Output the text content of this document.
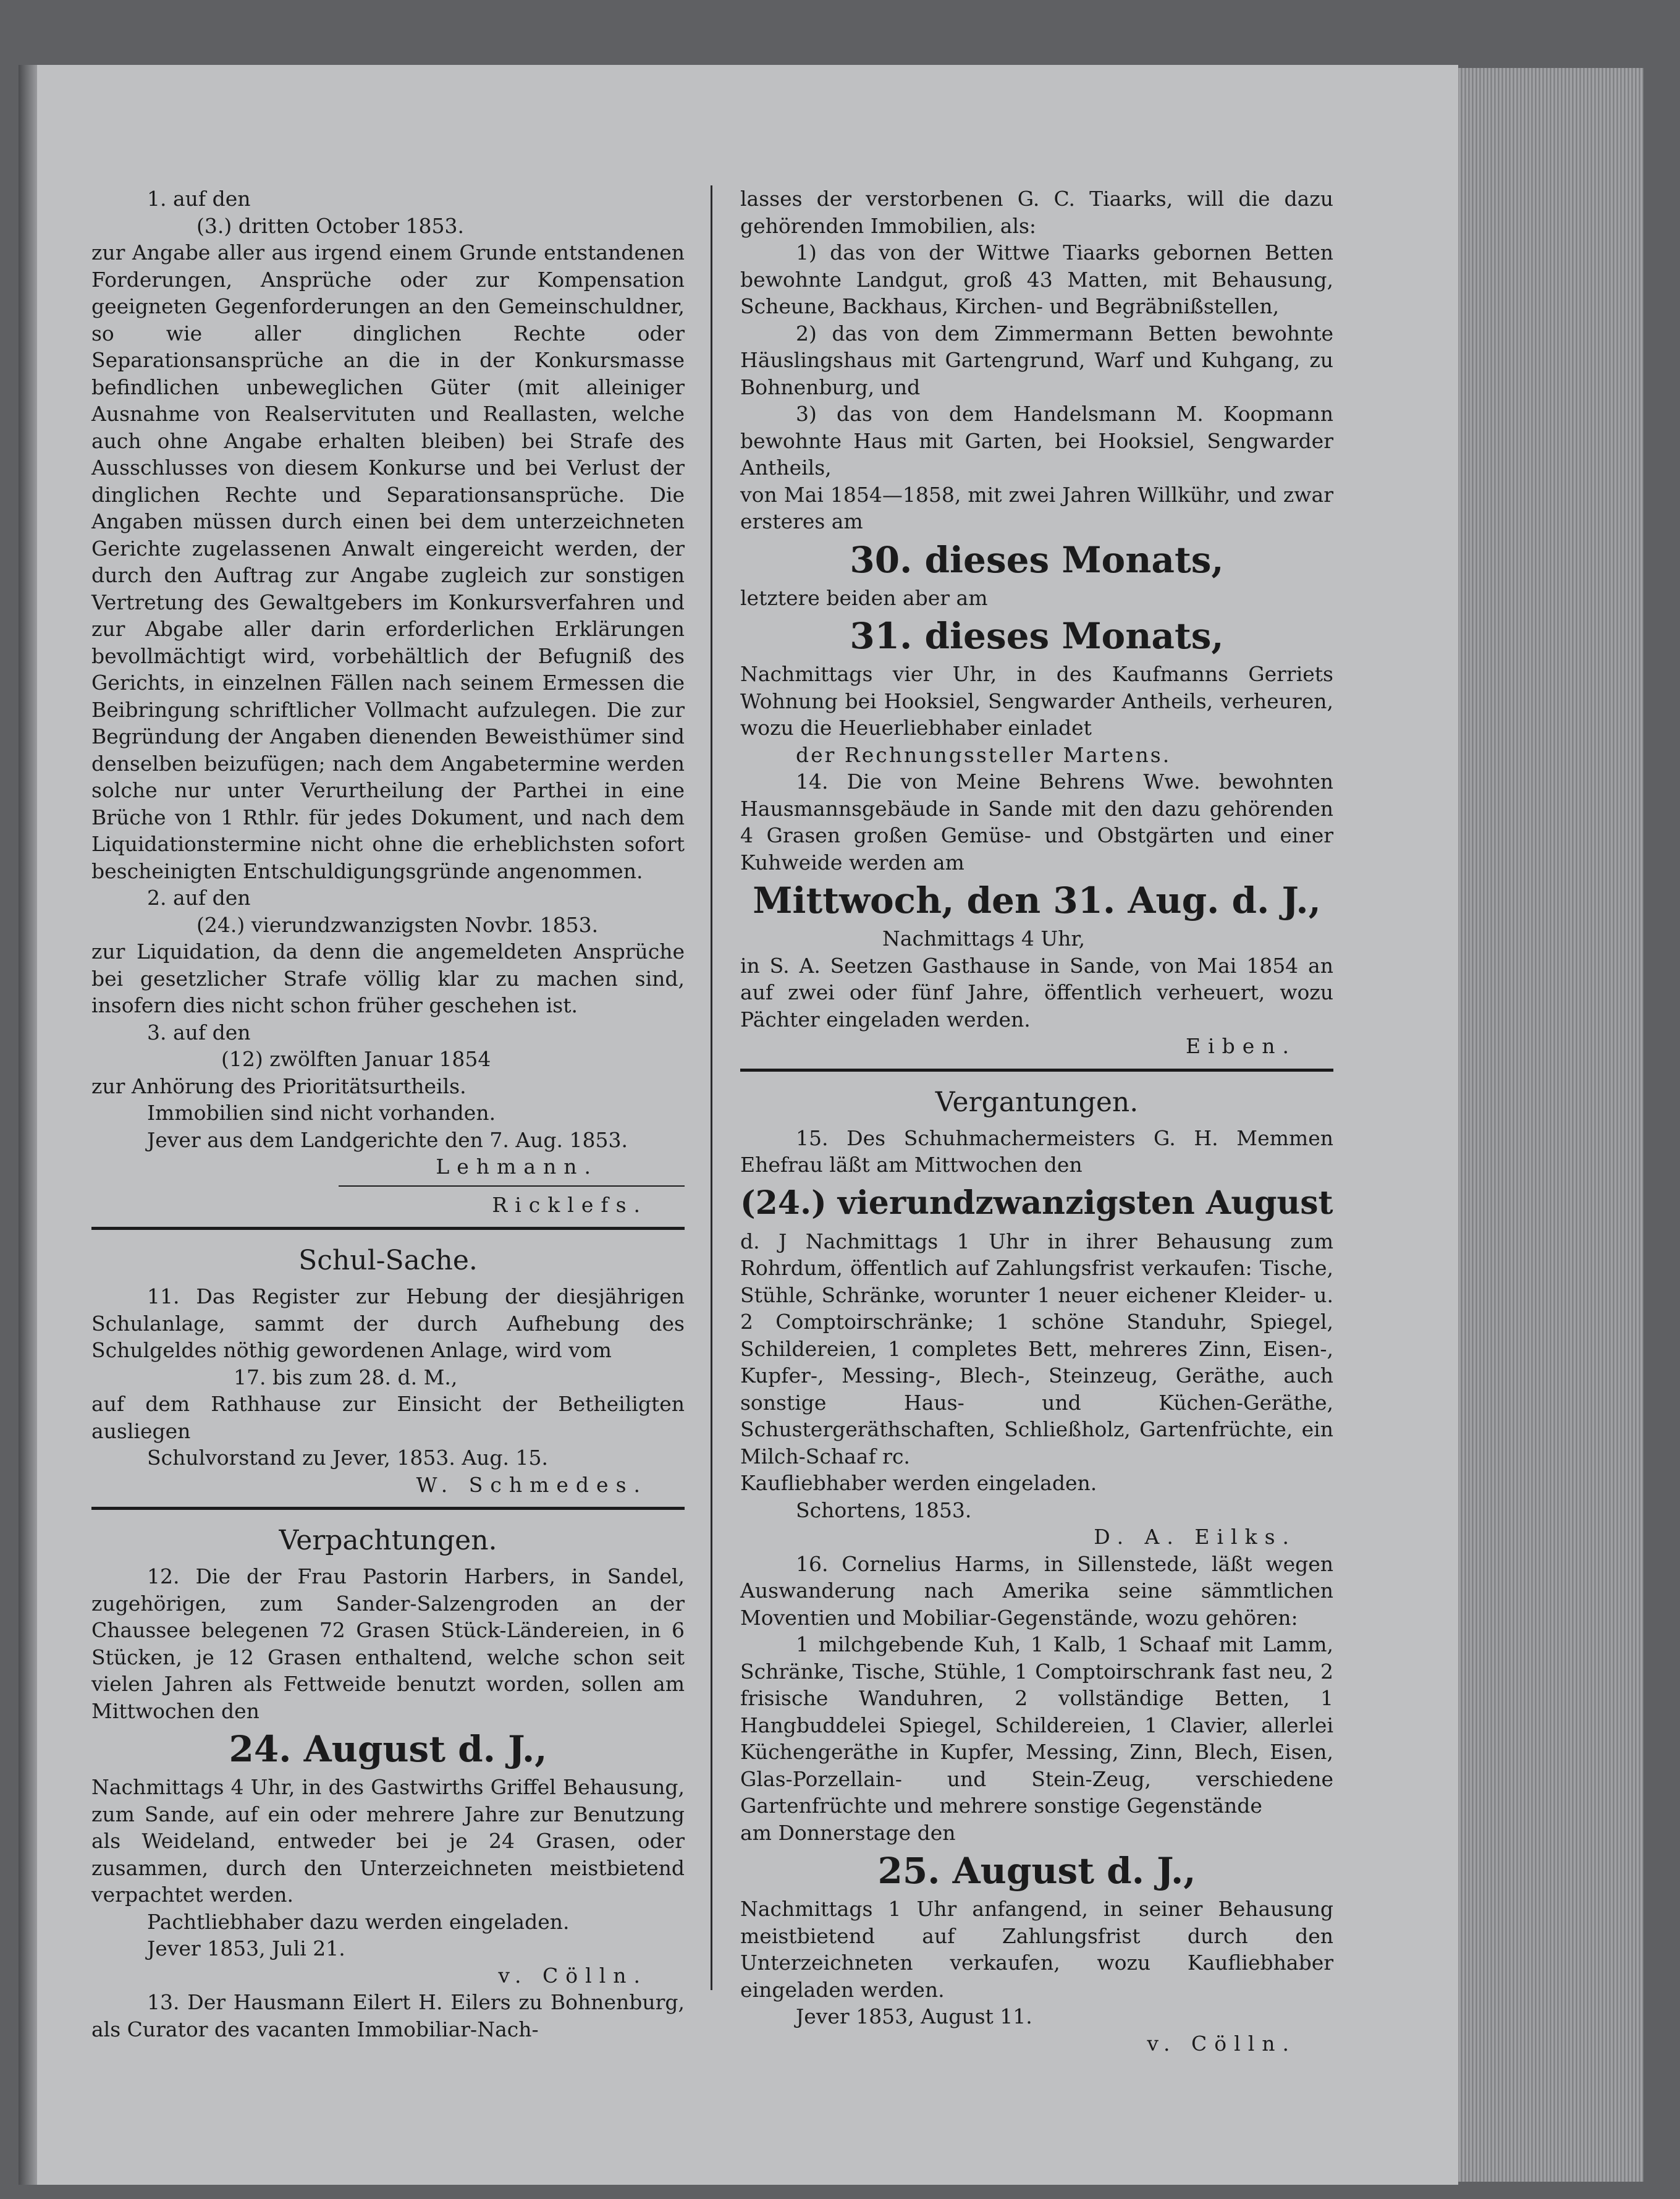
1. auf den

(3.) dritten October 1853.

zur Angabe aller aus irgend einem Grunde entstandenen Forderungen, Ansprüche oder zur Kompensation geeigneten Gegenforderungen an den Gemeinschuldner, so wie aller dinglichen Rechte oder Separationsansprüche an die in der Konkursmasse befindlichen unbeweglichen Güter (mit alleiniger Ausnahme von Realservituten und Reallasten, welche auch ohne Angabe erhalten bleiben) bei Strafe des Ausschlusses von diesem Konkurse und bei Verlust der dinglichen Rechte und Separationsansprüche. Die Angaben müssen durch einen bei dem unterzeichneten Gerichte zugelassenen Anwalt eingereicht werden, der durch den Auftrag zur Angabe zugleich zur sonstigen Vertretung des Gewaltgebers im Konkursverfahren und zur Abgabe aller darin erforderlichen Erklärungen bevollmächtigt wird, vorbehältlich der Befugniß des Gerichts, in einzelnen Fällen nach seinem Ermessen die Beibringung schriftlicher Vollmacht aufzulegen. Die zur Begründung der Angaben dienenden Beweisthümer sind denselben beizufügen; nach dem Angabetermine werden solche nur unter Verurtheilung der Parthei in eine Brüche von 1 Rthlr. für jedes Dokument, und nach dem Liquidationstermine nicht ohne die erheblichsten sofort bescheinigten Entschuldigungsgründe angenommen.

2. auf den

(24.) vierundzwanzigsten Novbr. 1853.

zur Liquidation, da denn die angemeldeten Ansprüche bei gesetzlicher Strafe völlig klar zu machen sind, insofern dies nicht schon früher geschehen ist.

3. auf den

(12) zwölften Januar 1854

zur Anhörung des Prioritätsurtheils.

Immobilien sind nicht vorhanden.

Jever aus dem Landgerichte den 7. Aug. 1853.

Lehmann.

Ricklefs.

Schul-Sache.

11. Das Register zur Hebung der diesjährigen Schulanlage, sammt der durch Aufhebung des Schulgeldes nöthig gewordenen Anlage, wird vom

17. bis zum 28. d. M.,

auf dem Rathhause zur Einsicht der Betheiligten ausliegen

Schulvorstand zu Jever, 1853. Aug. 15.

W. Schmedes.

Verpachtungen.

12. Die der Frau Pastorin Harbers, in Sandel, zugehörigen, zum Sander-Salzengroden an der Chaussee belegenen 72 Grasen Stück-Ländereien, in 6 Stücken, je 12 Grasen enthaltend, welche schon seit vielen Jahren als Fettweide benutzt worden, sollen am Mittwochen den

24. August d. J.,

Nachmittags 4 Uhr, in des Gastwirths Griffel Behausung, zum Sande, auf ein oder mehrere Jahre zur Benutzung als Weideland, entweder bei je 24 Grasen, oder zusammen, durch den Unterzeichneten meistbietend verpachtet werden.

Pachtliebhaber dazu werden eingeladen.

Jever 1853, Juli 21.

v. Cölln.

13. Der Hausmann Eilert H. Eilers zu Bohnenburg, als Curator des vacanten Immobiliar-Nach-

lasses der verstorbenen G. C. Tiaarks, will die dazu gehörenden Immobilien, als:

1) das von der Wittwe Tiaarks gebornen Betten bewohnte Landgut, groß 43 Matten, mit Behausung, Scheune, Backhaus, Kirchen- und Begräbnißstellen,

2) das von dem Zimmermann Betten bewohnte Häuslingshaus mit Gartengrund, Warf und Kuhgang, zu Bohnenburg, und

3) das von dem Handelsmann M. Koopmann bewohnte Haus mit Garten, bei Hooksiel, Sengwarder Antheils,

von Mai 1854—1858, mit zwei Jahren Willkühr, und zwar ersteres am

30. dieses Monats,

letztere beiden aber am

31. dieses Monats,

Nachmittags vier Uhr, in des Kaufmanns Gerriets Wohnung bei Hooksiel, Sengwarder Antheils, verheuren, wozu die Heuerliebhaber einladet

der Rechnungssteller Martens.

14. Die von Meine Behrens Wwe. bewohnten Hausmannsgebäude in Sande mit den dazu gehörenden 4 Grasen großen Gemüse- und Obstgärten und einer Kuhweide werden am

Mittwoch, den 31. Aug. d. J.,

Nachmittags 4 Uhr,

in S. A. Seetzen Gasthause in Sande, von Mai 1854 an auf zwei oder fünf Jahre, öffentlich verheuert, wozu Pächter eingeladen werden.

Eiben.

Vergantungen.

15. Des Schuhmachermeisters G. H. Memmen Ehefrau läßt am Mittwochen den

(24.) vierundzwanzigsten August

d. J Nachmittags 1 Uhr in ihrer Behausung zum Rohrdum, öffentlich auf Zahlungsfrist verkaufen: Tische, Stühle, Schränke, worunter 1 neuer eichener Kleider- u. 2 Comptoirschränke; 1 schöne Standuhr, Spiegel, Schildereien, 1 completes Bett, mehreres Zinn, Eisen-, Kupfer-, Messing-, Blech-, Steinzeug, Geräthe, auch sonstige Haus- und Küchen-Geräthe, Schustergeräthschaften, Schließholz, Gartenfrüchte, ein Milch-Schaaf rc.

Kaufliebhaber werden eingeladen.

Schortens, 1853.

D. A. Eilks.

16. Cornelius Harms, in Sillenstede, läßt wegen Auswanderung nach Amerika seine sämmtlichen Moventien und Mobiliar-Gegenstände, wozu gehören:

1 milchgebende Kuh, 1 Kalb, 1 Schaaf mit Lamm, Schränke, Tische, Stühle, 1 Comptoirschrank fast neu, 2 frisische Wanduhren, 2 vollständige Betten, 1 Hangbuddelei Spiegel, Schildereien, 1 Clavier, allerlei Küchengeräthe in Kupfer, Messing, Zinn, Blech, Eisen, Glas-Porzellain- und Stein-Zeug, verschiedene Gartenfrüchte und mehrere sonstige Gegenstände

am Donnerstage den

25. August d. J.,

Nachmittags 1 Uhr anfangend, in seiner Behausung meistbietend auf Zahlungsfrist durch den Unterzeichneten verkaufen, wozu Kaufliebhaber eingeladen werden.

Jever 1853, August 11.

v. Cölln.
